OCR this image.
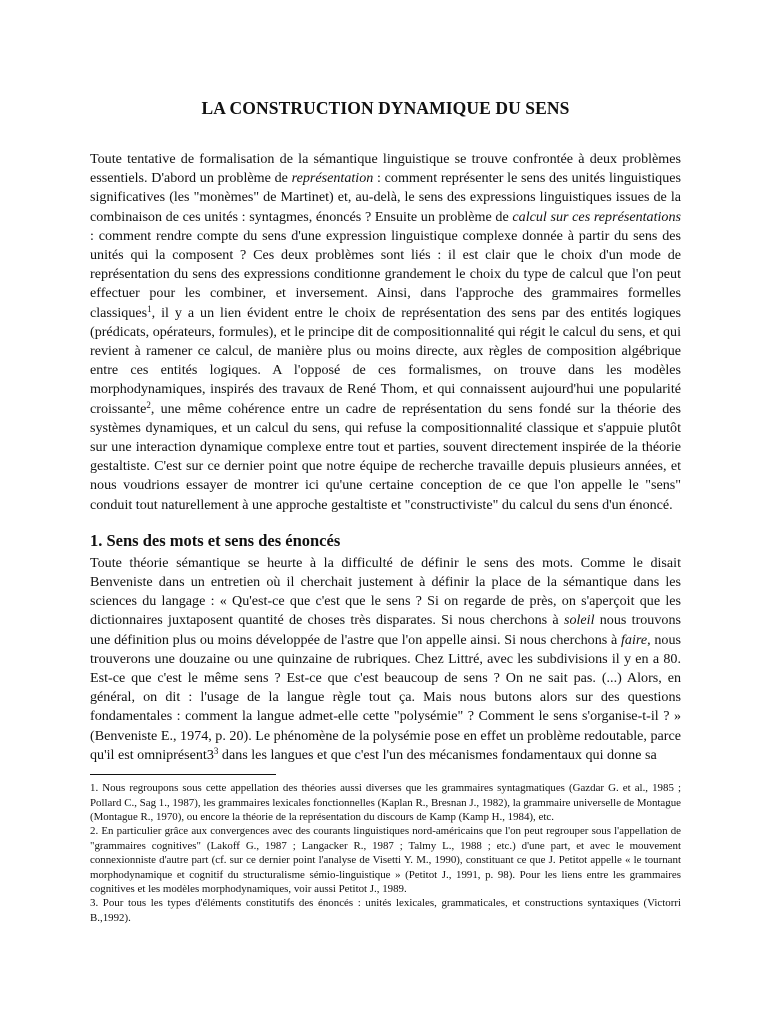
LA CONSTRUCTION DYNAMIQUE DU SENS

Toute tentative de formalisation de la sémantique linguistique se trouve confrontée à deux problèmes essentiels. D'abord un problème de représentation : comment représenter le sens des unités linguistiques significatives (les "monèmes" de Martinet) et, au-delà, le sens des expressions linguistiques issues de la combinaison de ces unités : syntagmes, énoncés ? Ensuite un problème de calcul sur ces représentations : comment rendre compte du sens d'une expression linguistique complexe donnée à partir du sens des unités qui la composent ? Ces deux problèmes sont liés : il est clair que le choix d'un mode de représentation du sens des expressions conditionne grandement le choix du type de calcul que l'on peut effectuer pour les combiner, et inversement. Ainsi, dans l'approche des grammaires formelles classiques$^1$, il y a un lien évident entre le choix de représentation des sens par des entités logiques (prédicats, opérateurs, formules), et le principe dit de compositionnalité qui régit le calcul du sens, et qui revient à ramener ce calcul, de manière plus ou moins directe, aux règles de composition algébrique entre ces entités logiques. A l'opposé de ces formalismes, on trouve dans les modèles morphodynamiques, inspirés des travaux de René Thom, et qui connaissent aujourd'hui une popularité croissante$^2$, une même cohérence entre un cadre de représentation du sens fondé sur la théorie des systèmes dynamiques, et un calcul du sens, qui refuse la compositionnalité classique et s'appuie plutôt sur une interaction dynamique complexe entre tout et parties, souvent directement inspirée de la théorie gestaltiste. C'est sur ce dernier point que notre équipe de recherche travaille depuis plusieurs années, et nous voudrions essayer de montrer ici qu'une certaine conception de ce que l'on appelle le "sens" conduit tout naturellement à une approche gestaltiste et "constructiviste" du calcul du sens d'un énoncé.

1. Sens des mots et sens des énoncés

Toute théorie sémantique se heurte à la difficulté de définir le sens des mots. Comme le disait Benveniste dans un entretien où il cherchait justement à définir la place de la sémantique dans les sciences du langage : « Qu'est-ce que c'est que le sens ? Si on regarde de près, on s'aperçoit que les dictionnaires juxtaposent quantité de choses très disparates. Si nous cherchons à soleil nous trouvons une définition plus ou moins développée de l'astre que l'on appelle ainsi. Si nous cherchons à faire, nous trouverons une douzaine ou une quinzaine de rubriques. Chez Littré, avec les subdivisions il y en a 80. Est-ce que c'est le même sens ? Est-ce que c'est beaucoup de sens ? On ne sait pas. (...) Alors, en général, on dit : l'usage de la langue règle tout ça. Mais nous butons alors sur des questions fondamentales : comment la langue admet-elle cette "polysémie" ? Comment le sens s'organise-t-il ? » (Benveniste E., 1974, p. 20). Le phénomène de la polysémie pose en effet un problème redoutable, parce qu'il est $omniprésent3^3$ dans les langues et que c'est l'un des mécanismes fondamentaux qui donne sa

1. Nous regroupons sous cette appellation des théories aussi diverses que les grammaires syntagmatiques (Gazdar G. et al., 1985 ; Pollard C., Sag 1., 1987), les grammaires lexicales fonctionnelles (Kaplan R., Bresnan J., 1982), la grammaire universelle de Montague (Montague R., 1970), ou encore la théorie de la représentation du discours de Kamp (Kamp H., 1984), etc.

2. En particulier grâce aux convergences avec des courants linguistiques nord-américains que l'on peut regrouper sous l'appellation de "grammaires cognitives" (Lakoff G., 1987 ; Langacker R., 1987 ; Talmy L., 1988 ; etc.) d'une part, et avec le mouvement connexionniste d'autre part (cf. sur ce dernier point l'analyse de Visetti Y. M., 1990), constituant ce que J. Petitot appelle « le tournant morphodynamique et cognitif du structuralisme sémio-linguistique » (Petitot J., 1991, p. 98). Pour les liens entre les grammaires cognitives et les modèles morphodynamiques, voir aussi Petitot J., 1989.

3. Pour tous les types d'éléments constitutifs des énoncés : unités lexicales, grammaticales, et constructions syntaxiques (Victorri B.,1992).
